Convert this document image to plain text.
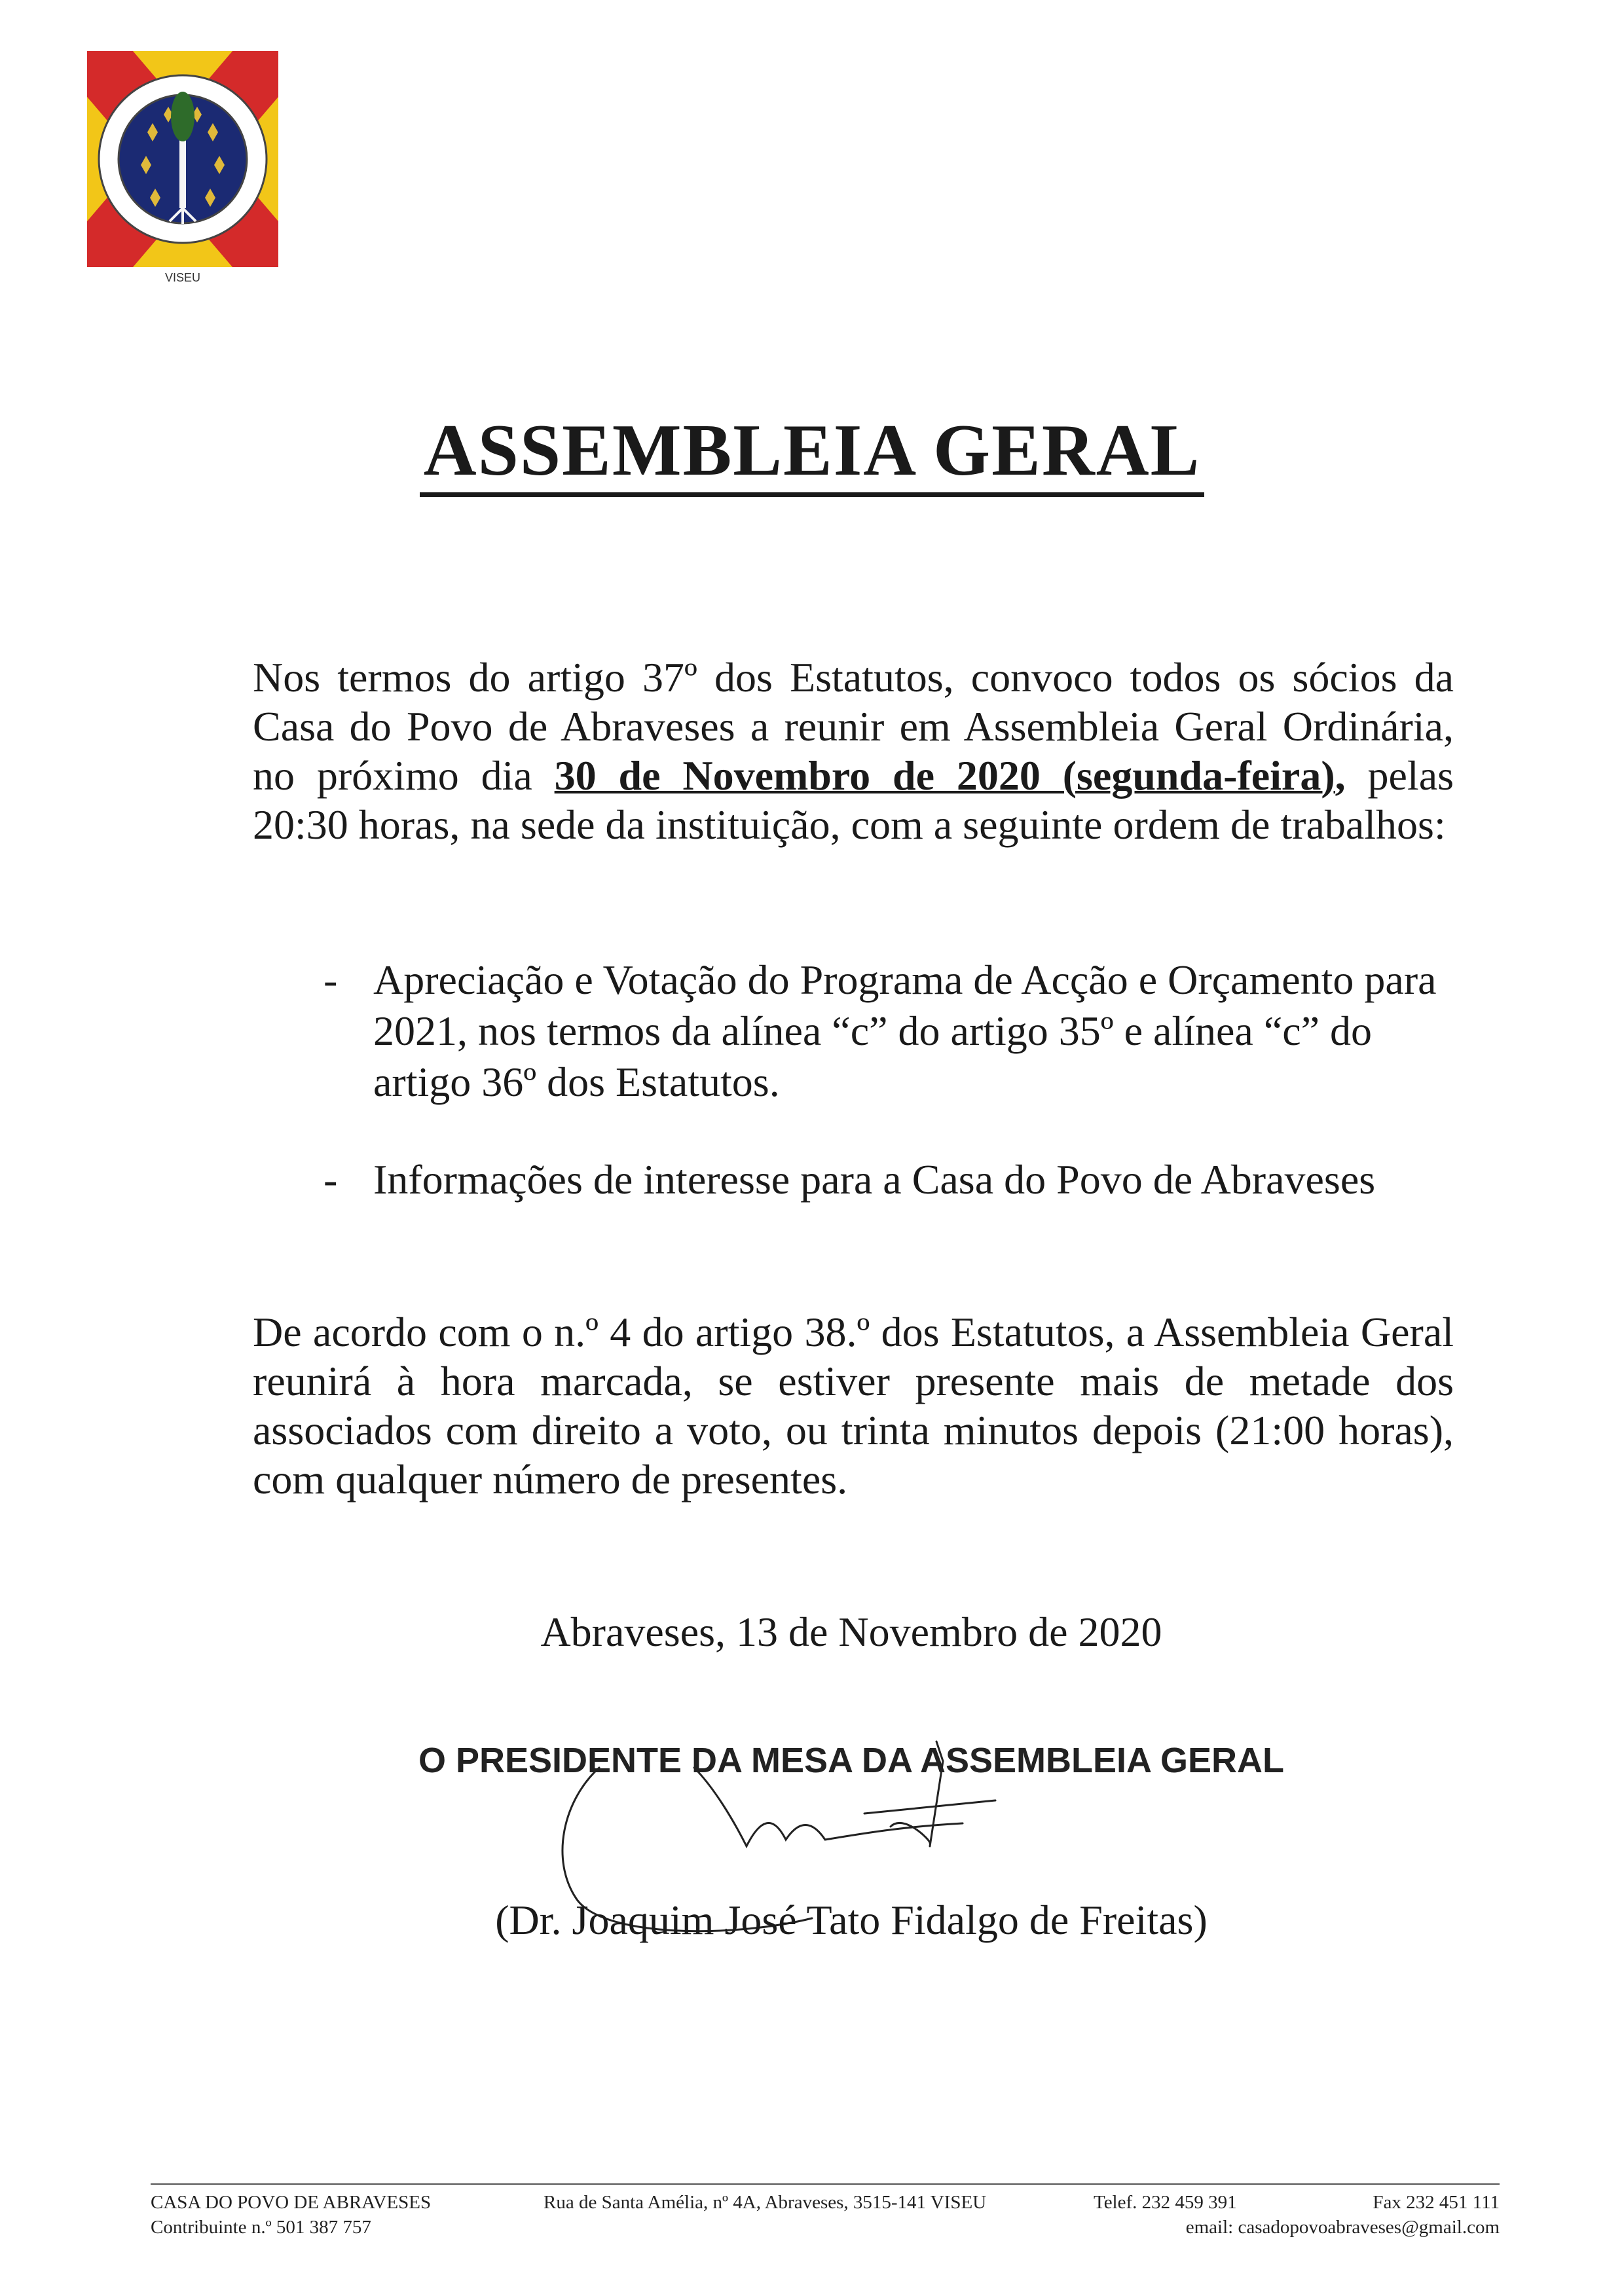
VISEU
ASSEMBLEIA GERAL
Nos termos do artigo 37º dos Estatutos, convoco todos os sócios da Casa do Povo de Abraveses a reunir em Assembleia Geral Ordinária, no próximo dia 30 de Novembro de 2020 (segunda-feira), pelas 20:30 horas, na sede da instituição, com a seguinte ordem de trabalhos:
- Apreciação e Votação do Programa de Acção e Orçamento para 2021, nos termos da alínea “c” do artigo 35º e alínea “c” do artigo 36º dos Estatutos.
- Informações de interesse para a Casa do Povo de Abraveses
De acordo com o n.º 4 do artigo 38.º dos Estatutos, a Assembleia Geral reunirá à hora marcada, se estiver presente mais de metade dos associados com direito a voto, ou trinta minutos depois (21:00 horas), com qualquer número de presentes.
Abraveses, 13 de Novembro de 2020
O PRESIDENTE DA MESA DA ASSEMBLEIA GERAL
(Dr. Joaquim José Tato Fidalgo de Freitas)
CASA DO POVO DE ABRAVESES
Contribuinte n.º 501 387 757
Rua de Santa Amélia, nº 4A, Abraveses, 3515-141 VISEU	Telef. 232 459 391	Fax 232 451 111
email: casadopovoabraveses@gmail.com
